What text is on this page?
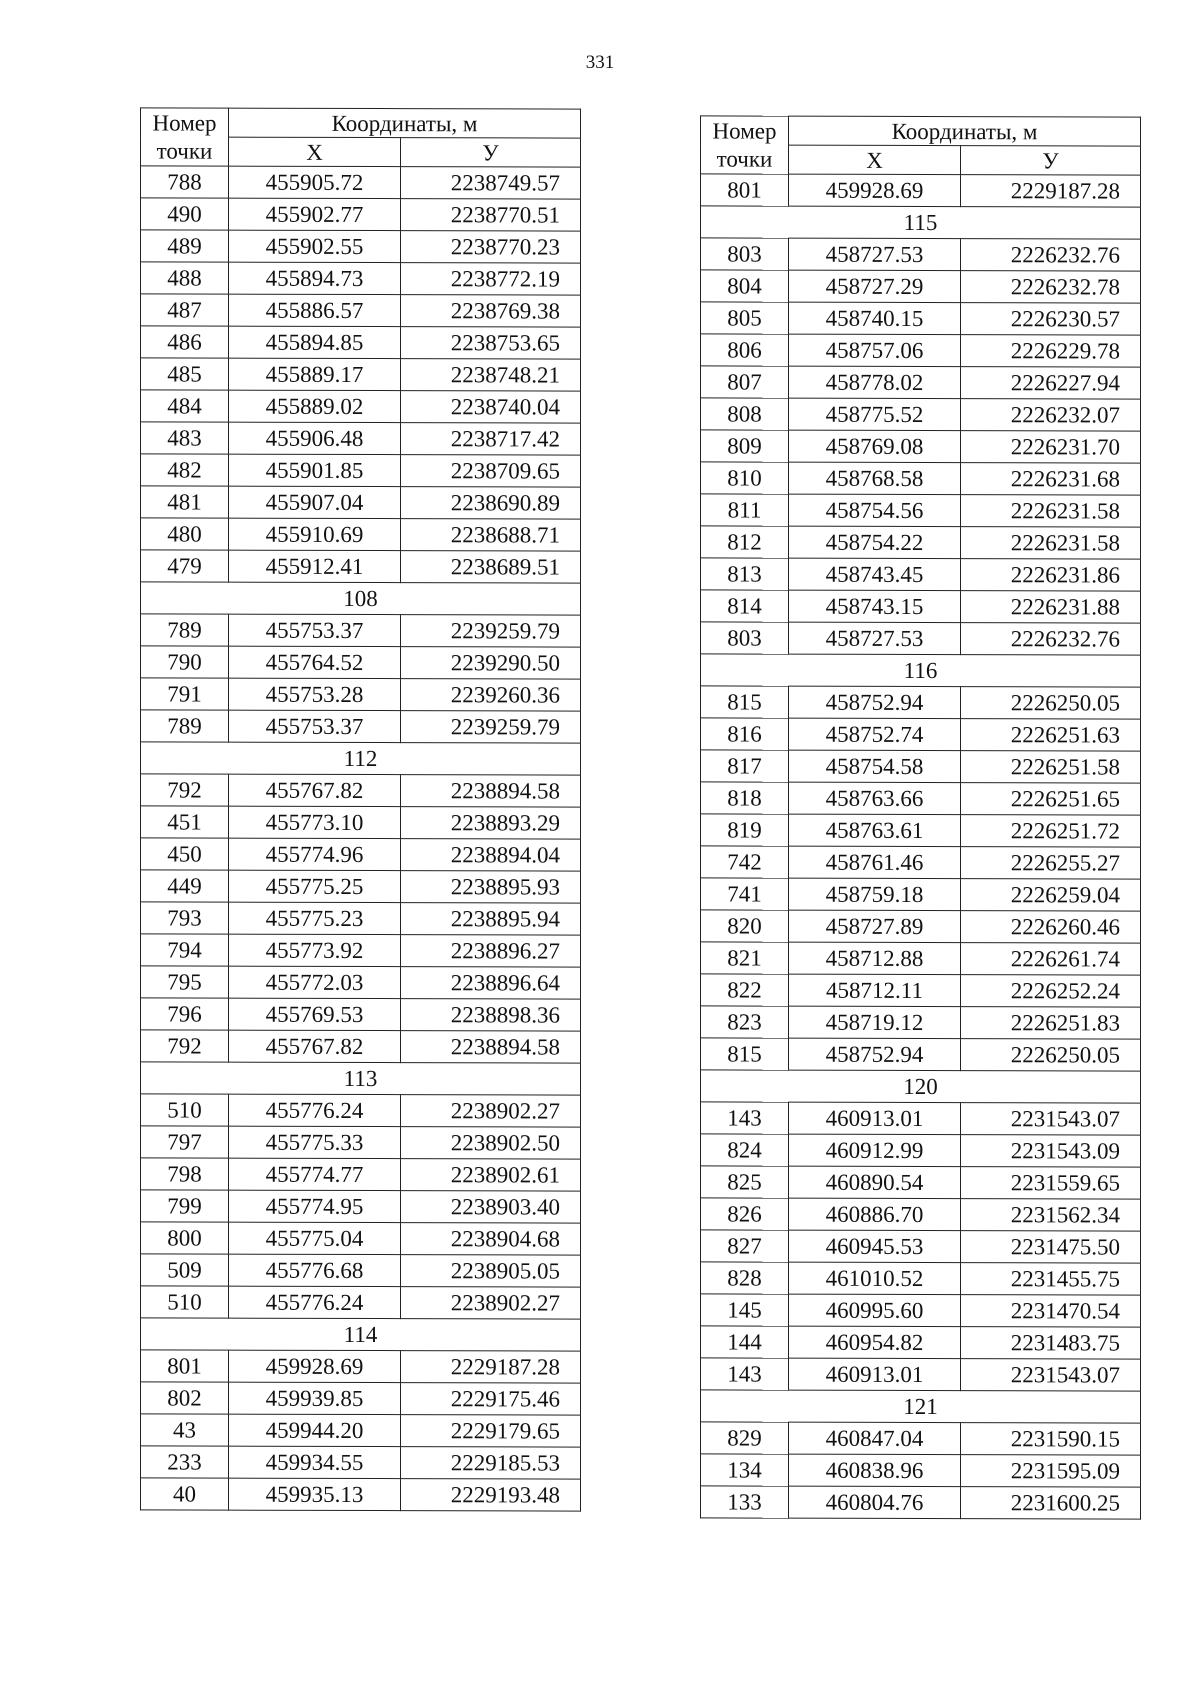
331
Номер точки	Координаты, м	
	X	У
788	455905.72	2238749.57
490	455902.77	2238770.51
489	455902.55	2238770.23
488	455894.73	2238772.19
487	455886.57	2238769.38
486	455894.85	2238753.65
485	455889.17	2238748.21
484	455889.02	2238740.04
483	455906.48	2238717.42
482	455901.85	2238709.65
481	455907.04	2238690.89
480	455910.69	2238688.71
479	455912.41	2238689.51
108		
789	455753.37	2239259.79
790	455764.52	2239290.50
791	455753.28	2239260.36
789	455753.37	2239259.79
112		
792	455767.82	2238894.58
451	455773.10	2238893.29
450	455774.96	2238894.04
449	455775.25	2238895.93
793	455775.23	2238895.94
794	455773.92	2238896.27
795	455772.03	2238896.64
796	455769.53	2238898.36
792	455767.82	2238894.58
113		
510	455776.24	2238902.27
797	455775.33	2238902.50
798	455774.77	2238902.61
799	455774.95	2238903.40
800	455775.04	2238904.68
509	455776.68	2238905.05
510	455776.24	2238902.27
114		
801	459928.69	2229187.28
802	459939.85	2229175.46
43	459944.20	2229179.65
233	459934.55	2229185.53
40	459935.13	2229193.48
Номер точки	Координаты, м	
	X	У
801	459928.69	2229187.28
115		
803	458727.53	2226232.76
804	458727.29	2226232.78
805	458740.15	2226230.57
806	458757.06	2226229.78
807	458778.02	2226227.94
808	458775.52	2226232.07
809	458769.08	2226231.70
810	458768.58	2226231.68
811	458754.56	2226231.58
812	458754.22	2226231.58
813	458743.45	2226231.86
814	458743.15	2226231.88
803	458727.53	2226232.76
116		
815	458752.94	2226250.05
816	458752.74	2226251.63
817	458754.58	2226251.58
818	458763.66	2226251.65
819	458763.61	2226251.72
742	458761.46	2226255.27
741	458759.18	2226259.04
820	458727.89	2226260.46
821	458712.88	2226261.74
822	458712.11	2226252.24
823	458719.12	2226251.83
815	458752.94	2226250.05
120		
143	460913.01	2231543.07
824	460912.99	2231543.09
825	460890.54	2231559.65
826	460886.70	2231562.34
827	460945.53	2231475.50
828	461010.52	2231455.75
145	460995.60	2231470.54
144	460954.82	2231483.75
143	460913.01	2231543.07
121		
829	460847.04	2231590.15
134	460838.96	2231595.09
133	460804.76	2231600.25
